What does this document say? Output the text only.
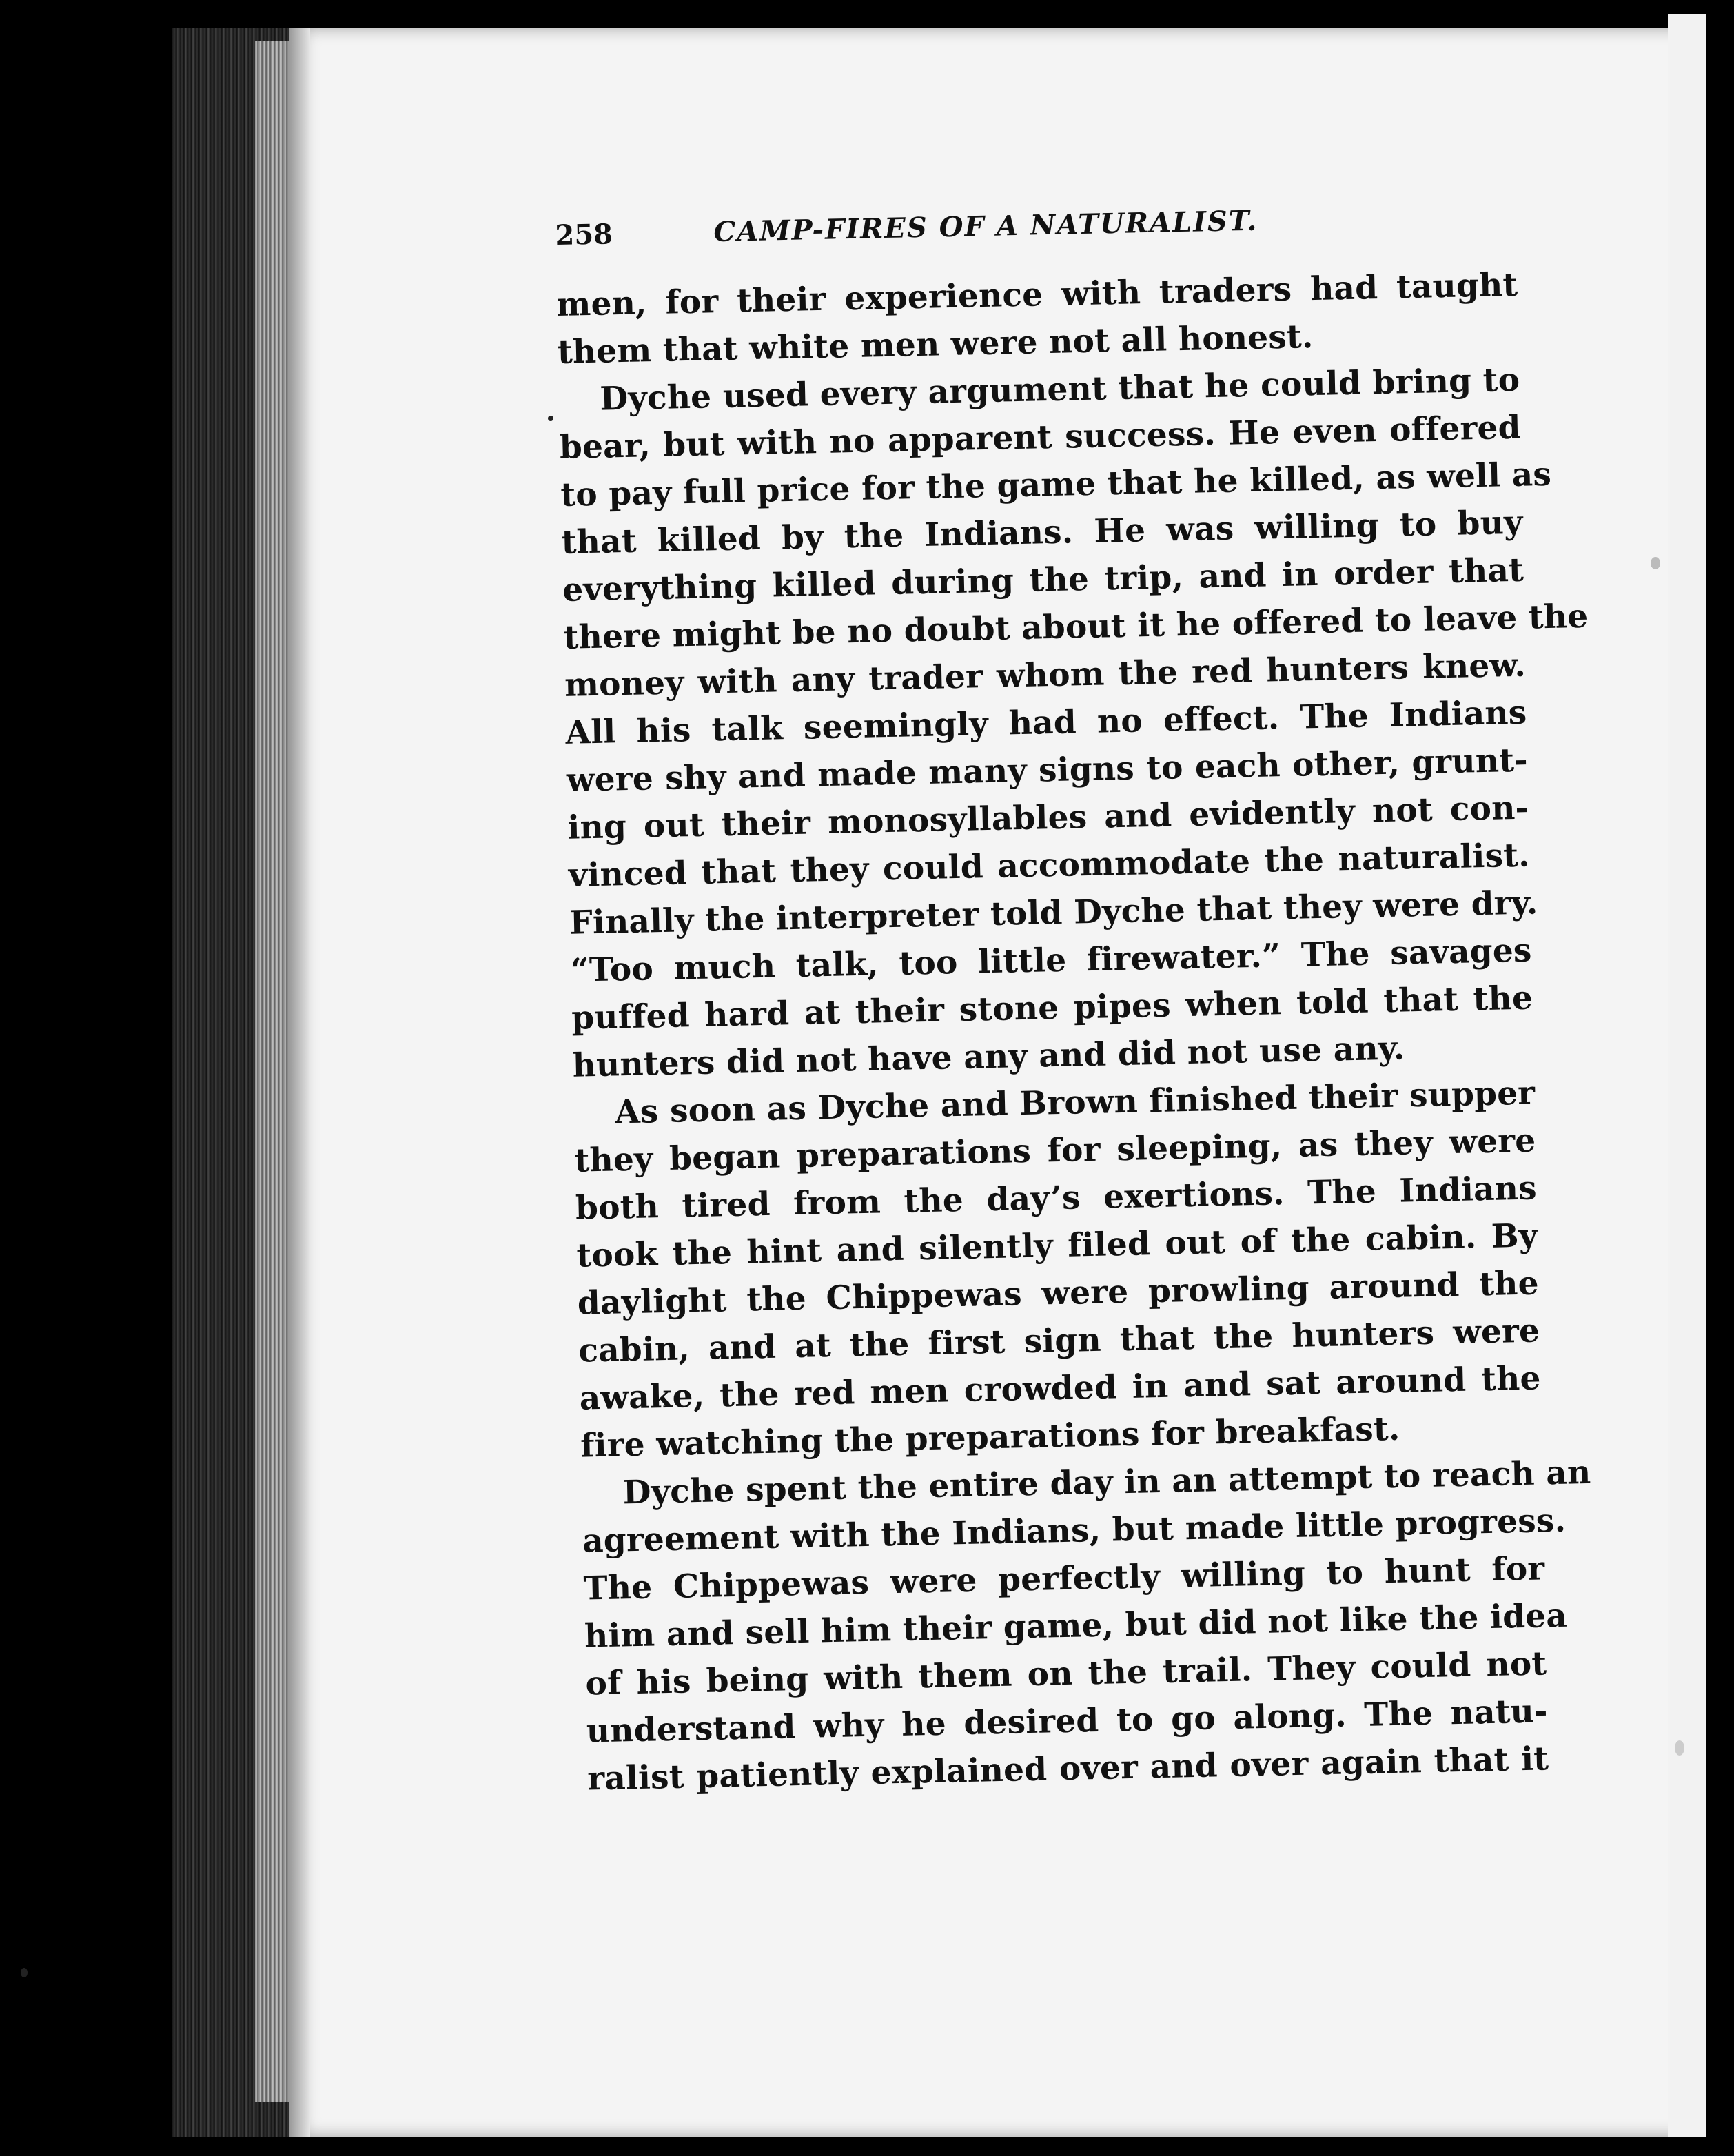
258	CAMP-FIRES OF A NATURALIST.
men, for their experience with traders had taught
them that white men were not all honest.
Dyche used every argument that he could bring to
bear, but with no apparent success. He even offered
to pay full price for the game that he killed, as well as
that killed by the Indians. He was willing to buy
everything killed during the trip, and in order that
there might be no doubt about it he offered to leave the
money with any trader whom the red hunters knew.
All his talk seemingly had no effect. The Indians
were shy and made many signs to each other, grunt-
ing out their monosyllables and evidently not con-
vinced that they could accommodate the naturalist.
Finally the interpreter told Dyche that they were dry.
“Too much talk, too little firewater.” The savages
puffed hard at their stone pipes when told that the
hunters did not have any and did not use any.
As soon as Dyche and Brown finished their supper
they began preparations for sleeping, as they were
both tired from the day’s exertions. The Indians
took the hint and silently filed out of the cabin. By
daylight the Chippewas were prowling around the
cabin, and at the first sign that the hunters were
awake, the red men crowded in and sat around the
fire watching the preparations for breakfast.
Dyche spent the entire day in an attempt to reach an
agreement with the Indians, but made little progress.
The Chippewas were perfectly willing to hunt for
him and sell him their game, but did not like the idea
of his being with them on the trail. They could not
understand why he desired to go along. The natu-
ralist patiently explained over and over again that it
